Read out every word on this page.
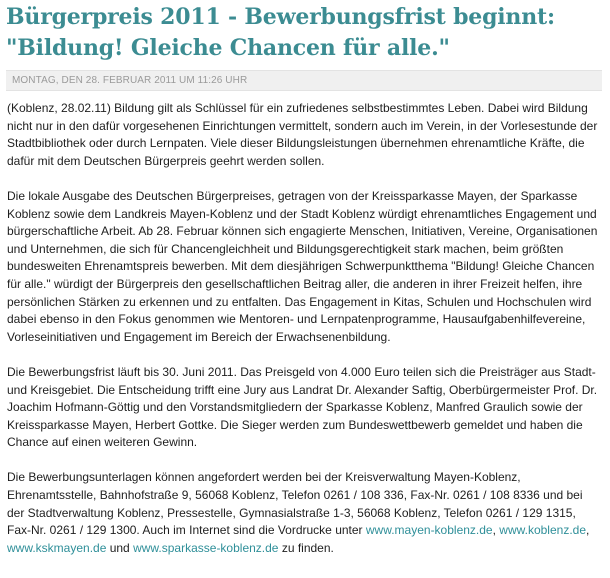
Bürgerpreis 2011 - Bewerbungsfrist beginnt: "Bildung! Gleiche Chancen für alle."
MONTAG, DEN 28. FEBRUAR 2011 UM 11:26 UHR

(Koblenz, 28.02.11) Bildung gilt als Schlüssel für ein zufriedenes selbstbestimmtes Leben. Dabei wird Bildung nicht nur in den dafür vorgesehenen Einrichtungen vermittelt, sondern auch im Verein, in der Vorlesestunde der Stadtbibliothek oder durch Lernpaten. Viele dieser Bildungsleistungen übernehmen ehrenamtliche Kräfte, die dafür mit dem Deutschen Bürgerpreis geehrt werden sollen.

Die lokale Ausgabe des Deutschen Bürgerpreises, getragen von der Kreissparkasse Mayen, der Sparkasse Koblenz sowie dem Landkreis Mayen-Koblenz und der Stadt Koblenz würdigt ehrenamtliches Engagement und bürgerschaftliche Arbeit. Ab 28. Februar können sich engagierte Menschen, Initiativen, Vereine, Organisationen und Unternehmen, die sich für Chancengleichheit und Bildungsgerechtigkeit stark machen, beim größten bundesweiten Ehrenamtspreis bewerben. Mit dem diesjährigen Schwerpunktthema "Bildung! Gleiche Chancen für alle." würdigt der Bürgerpreis den gesellschaftlichen Beitrag aller, die anderen in ihrer Freizeit helfen, ihre persönlichen Stärken zu erkennen und zu entfalten. Das Engagement in Kitas, Schulen und Hochschulen wird dabei ebenso in den Fokus genommen wie Mentoren- und Lernpatenprogramme, Hausaufgabenhilfevereine, Vorleseinitiativen und Engagement im Bereich der Erwachsenenbildung.

Die Bewerbungsfrist läuft bis 30. Juni 2011. Das Preisgeld von 4.000 Euro teilen sich die Preisträger aus Stadt- und Kreisgebiet. Die Entscheidung trifft eine Jury aus Landrat Dr. Alexander Saftig, Oberbürgermeister Prof. Dr. Joachim Hofmann-Göttig und den Vorstandsmitgliedern der Sparkasse Koblenz, Manfred Graulich sowie der Kreissparkasse Mayen, Herbert Gottke. Die Sieger werden zum Bundeswettbewerb gemeldet und haben die Chance auf einen weiteren Gewinn.

Die Bewerbungsunterlagen können angefordert werden bei der Kreisverwaltung Mayen-Koblenz, Ehrenamtsstelle, Bahnhofstraße 9, 56068 Koblenz, Telefon 0261 / 108 336, Fax-Nr. 0261 / 108 8336 und bei der Stadtverwaltung Koblenz, Pressestelle, Gymnasialstraße 1-3, 56068 Koblenz, Telefon 0261 / 129 1315, Fax-Nr. 0261 / 129 1300. Auch im Internet sind die Vordrucke unter www.mayen-koblenz.de, www.koblenz.de, www.kskmayen.de und www.sparkasse-koblenz.de zu finden.
